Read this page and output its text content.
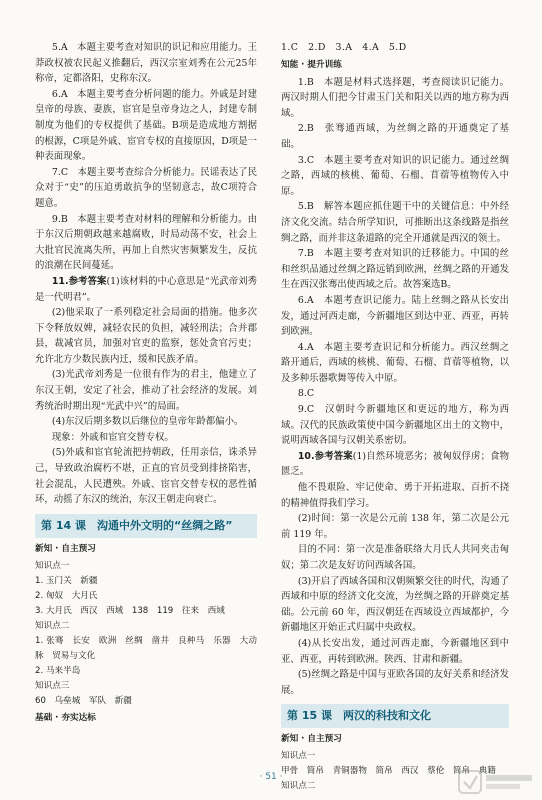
5.A　本题主要考查对知识的识记和应用能力。王莽政权被农民起义推翻后，西汉宗室刘秀在公元25年称帝，定都洛阳，史称东汉。

6.A　本题主要考查分析问题的能力。外戚是封建皇帝的母族、妻族，宦官是皇帝身边之人，封建专制制度为他们的专权提供了基础。B项是造成地方割据的根源，C项是外戚、宦官专权的直接原因，D项是一种表面现象。

7.C　本题主要考查综合分析能力。民谣表达了民众对于“史”的压迫勇敢抗争的坚韧意志，故C项符合题意。

9.B　本题主要考查对材料的理解和分析能力。由于东汉后期朝政越来越腐败，时局动荡不安，社会上大批官民流离失所，再加上自然灾害频繁发生，反抗的浪潮在民间蔓延。

11.参考答案(1)该材料的中心意思是“光武帝刘秀是一代明君”。

(2)他采取了一系列稳定社会局面的措施。他多次下令释放奴婢，减轻农民的负担，减轻刑法；合并郡县，裁减官员，加强对官吏的监察，惩处贪官污吏；允许北方少数民族内迁，缓和民族矛盾。

(3)光武帝刘秀是一位很有作为的君主，他建立了东汉王朝，安定了社会，推动了社会经济的发展。刘秀统治时期出现“光武中兴”的局面。

(4)东汉后期多数以后继位的皇帝年龄都偏小。

现象：外戚和宦官交替专权。

(5)外戚和宦官轮流把持朝政，任用亲信，诛杀异己，导致政治腐朽不堪，正直的官员受到排挤陷害，社会混乱，人民遭殃。外戚、宦官交替专权的恶性循环，动摇了东汉的统治，东汉王朝走向衰亡。

第 14 课　沟通中外文明的“丝绸之路”
新知 · 自主预习
知识点一

1. 玉门关　新疆

2. 匈奴　大月氏

3. 大月氏　西汉　西域　138　119　往来　西域

知识点二

1. 张骞　长安　欧洲　丝绸　凿井　良种马　乐器　大动脉　贸易与文化

2. 马来半岛

知识点三

60　乌垒城　军队　新疆

基础 · 夯实达标

1.C　2.D　3.A　4.A　5.D

知能 · 提升训练

1.B　本题是材料式选择题，考查阅读识记能力。两汉时期人们把今甘肃玉门关和阳关以西的地方称为西域。

2.B　张骞通西域，为丝绸之路的开通奠定了基础。

3.C　本题主要考查对知识的识记能力。通过丝绸之路，西域的核桃、葡萄、石榴、苜蓿等植物传入中原。

5.B　解答本题应抓住题干中的关键信息：中外经济文化交流。结合所学知识，可推断出这条线路是指丝绸之路，而并非这条道路的完全开通就是西汉的领土。

7.B　本题主要考查对知识的迁移能力。中国的丝和丝织品通过丝绸之路远销到欧洲，丝绸之路的开通发生在西汉张骞出使西域之后。故答案选B。

6.A　本题考查识记能力。陆上丝绸之路从长安出发，通过河西走廊，今新疆地区到达中亚、西亚，再转到欧洲。

4.A　本题主要考查识记和分析能力。西汉丝绸之路开通后，西域的核桃、葡萄、石榴、苜蓿等植物，以及多种乐器歌舞等传入中原。

8.C

9.C　汉朝时今新疆地区和更远的地方，称为西域。汉代的民族政策使中国今新疆地区出土的文物中，说明西域各国与汉朝关系密切。

10.参考答案(1)自然环境恶劣；被匈奴俘虏；食物匮乏。

他不畏艰险、牢记使命、勇于开拓进取、百折不挠的精神值得我们学习。

(2)时间：第一次是公元前 138 年，第二次是公元前 119 年。

目的不同：第一次是准备联络大月氏人共同夹击匈奴；第二次是友好访问西域各国。

(3)开启了西域各国和汉朝频繁交往的时代，沟通了西域和中原的经济文化交流，为丝绸之路的开辟奠定基础。公元前 60 年，西汉朝廷在西域设立西域都护，今新疆地区开始正式归属中央政权。

(4)从长安出发，通过河西走廊，今新疆地区到中亚、西亚，再转到欧洲。陕西、甘肃和新疆。

(5)丝绸之路是中国与亚欧各国的友好关系和经济发展。

第 15 课　两汉的科技和文化
新知 · 自主预习
知识点一

甲骨　简帛　青铜器物　简帛　西汉　蔡伦　简帛　典籍

知识点二
· 51 ·
